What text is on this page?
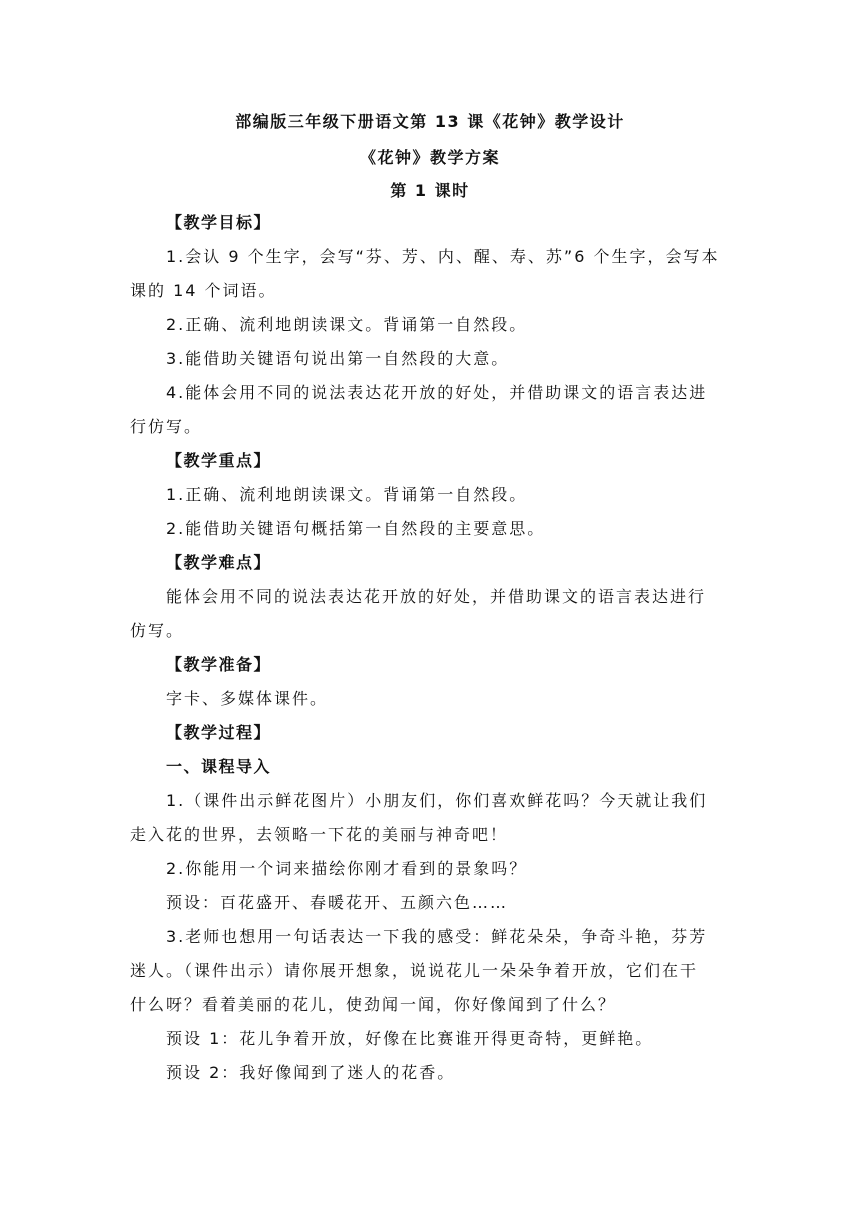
部编版三年级下册语文第 13 课《花钟》教学设计
《花钟》教学方案
第 1 课时
【教学目标】
1.会认 9 个生字，会写“芬、芳、内、醒、寿、苏”6 个生字，会写本
课的 14 个词语。
2.正确、流利地朗读课文。背诵第一自然段。
3.能借助关键语句说出第一自然段的大意。
4.能体会用不同的说法表达花开放的好处，并借助课文的语言表达进
行仿写。
【教学重点】
1.正确、流利地朗读课文。背诵第一自然段。
2.能借助关键语句概括第一自然段的主要意思。
【教学难点】
能体会用不同的说法表达花开放的好处，并借助课文的语言表达进行
仿写。
【教学准备】
字卡、多媒体课件。
【教学过程】
一、课程导入
1.（课件出示鲜花图片）小朋友们，你们喜欢鲜花吗？今天就让我们
走入花的世界，去领略一下花的美丽与神奇吧！
2.你能用一个词来描绘你刚才看到的景象吗？
预设：百花盛开、春暖花开、五颜六色……
3.老师也想用一句话表达一下我的感受：鲜花朵朵，争奇斗艳，芬芳
迷人。（课件出示）请你展开想象，说说花儿一朵朵争着开放，它们在干
什么呀？看着美丽的花儿，使劲闻一闻，你好像闻到了什么？
预设 1：花儿争着开放，好像在比赛谁开得更奇特，更鲜艳。
预设 2：我好像闻到了迷人的花香。
